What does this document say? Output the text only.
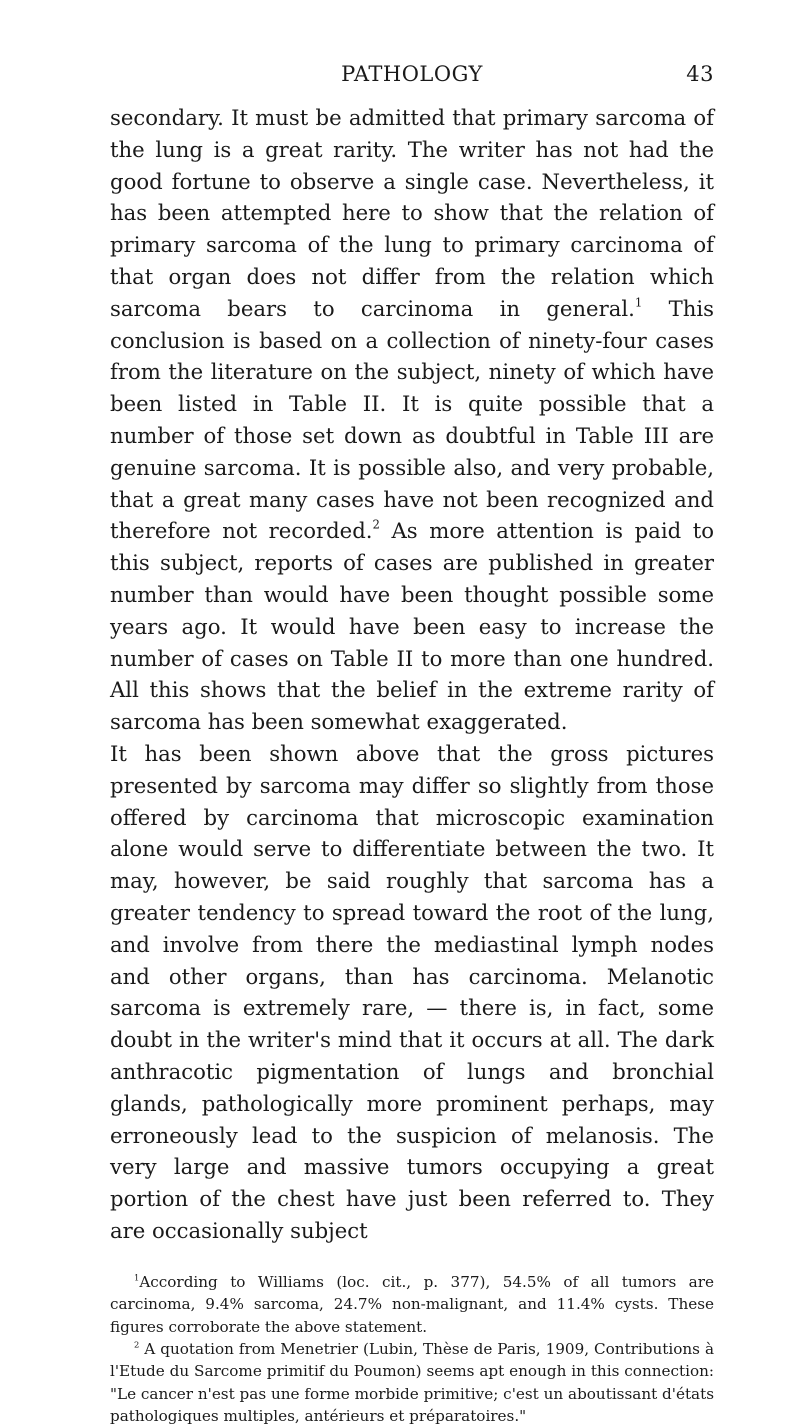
PATHOLOGY	43

secondary. It must be admitted that primary sarcoma of the lung is a great rarity. The writer has not had the good fortune to observe a single case. Nevertheless, it has been attempted here to show that the relation of primary sarcoma of the lung to primary carcinoma of that organ does not differ from the relation which sarcoma bears to carcinoma in general.$^1$ This conclusion is based on a collection of ninety-four cases from the literature on the subject, ninety of which have been listed in Table II. It is quite possible that a number of those set down as doubtful in Table III are genuine sarcoma. It is possible also, and very probable, that a great many cases have not been recognized and therefore not recorded.$^2$ As more attention is paid to this subject, reports of cases are published in greater number than would have been thought possible some years ago. It would have been easy to increase the number of cases on Table II to more than one hundred. All this shows that the belief in the extreme rarity of sarcoma has been somewhat exaggerated.

It has been shown above that the gross pictures presented by sarcoma may differ so slightly from those offered by carcinoma that microscopic examination alone would serve to differentiate between the two. It may, however, be said roughly that sarcoma has a greater tendency to spread toward the root of the lung, and involve from there the mediastinal lymph nodes and other organs, than has carcinoma. Melanotic sarcoma is extremely rare, — there is, in fact, some doubt in the writer's mind that it occurs at all. The dark anthracotic pigmentation of lungs and bronchial glands, pathologically more prominent perhaps, may erroneously lead to the suspicion of melanosis. The very large and massive tumors occupying a great portion of the chest have just been referred to. They are occasionally subject

$^1$According to Williams (loc. cit., p. 377), 54.5% of all tumors are carcinoma, 9.4% sarcoma, 24.7% non-malignant, and 11.4% cysts. These figures corroborate the above statement.

$^2$ A quotation from Menetrier (Lubin, Thèse de Paris, 1909, Contributions à l'Etude du Sarcome primitif du Poumon) seems apt enough in this connection: "Le cancer n'est pas une forme morbide primitive; c'est un aboutissant d'états pathologiques multiples, antérieurs et préparatoires."
